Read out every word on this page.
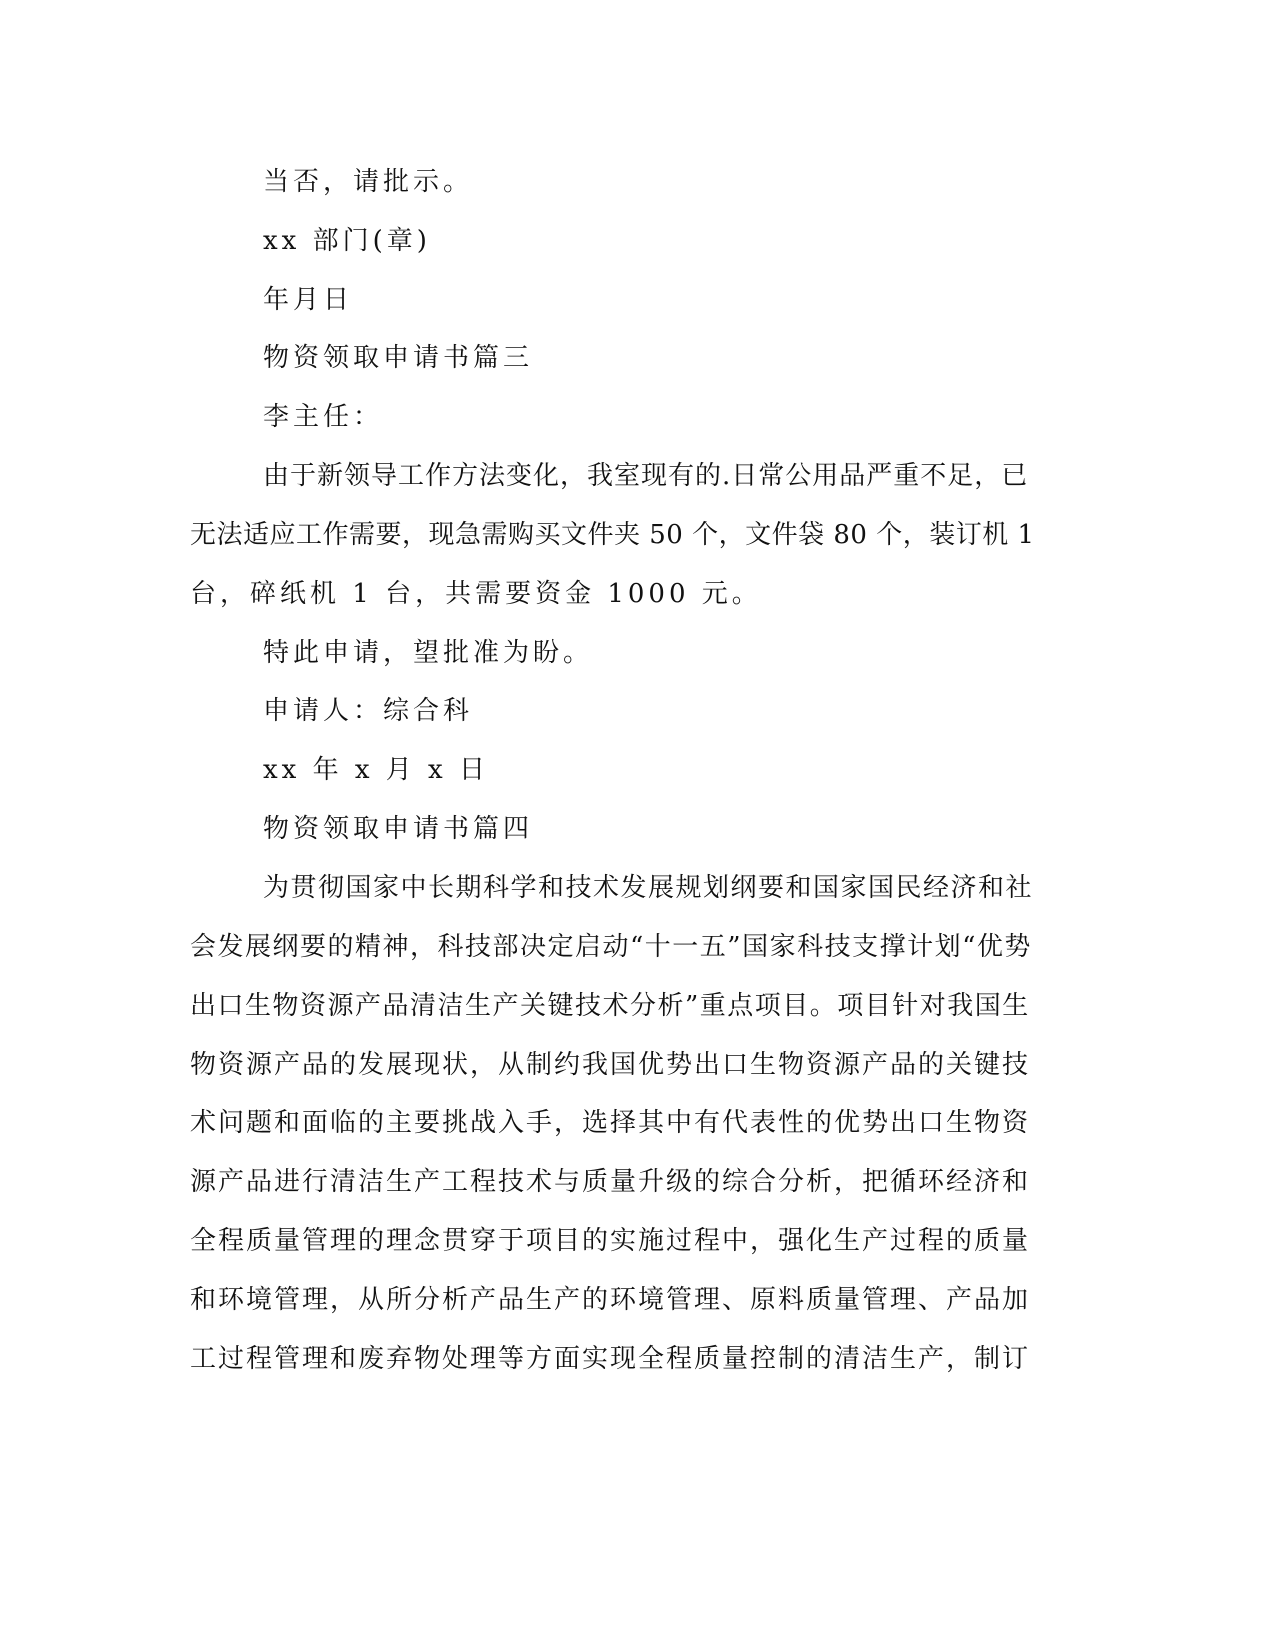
当否，请批示。

xx 部门(章)

年月日

物资领取申请书篇三

李主任：

由于新领导工作方法变化，我室现有的.日常公用品严重不足，已

无法适应工作需要，现急需购买文件夹 50 个，文件袋 80 个，装订机 1

台，碎纸机 1 台，共需要资金 1000 元。

特此申请，望批准为盼。

申请人：综合科

xx 年 x 月 x 日

物资领取申请书篇四

为贯彻国家中长期科学和技术发展规划纲要和国家国民经济和社

会发展纲要的精神，科技部决定启动“十一五”国家科技支撑计划“优势

出口生物资源产品清洁生产关键技术分析”重点项目。项目针对我国生

物资源产品的发展现状，从制约我国优势出口生物资源产品的关键技

术问题和面临的主要挑战入手，选择其中有代表性的优势出口生物资

源产品进行清洁生产工程技术与质量升级的综合分析，把循环经济和

全程质量管理的理念贯穿于项目的实施过程中，强化生产过程的质量

和环境管理，从所分析产品生产的环境管理、原料质量管理、产品加

工过程管理和废弃物处理等方面实现全程质量控制的清洁生产，制订
